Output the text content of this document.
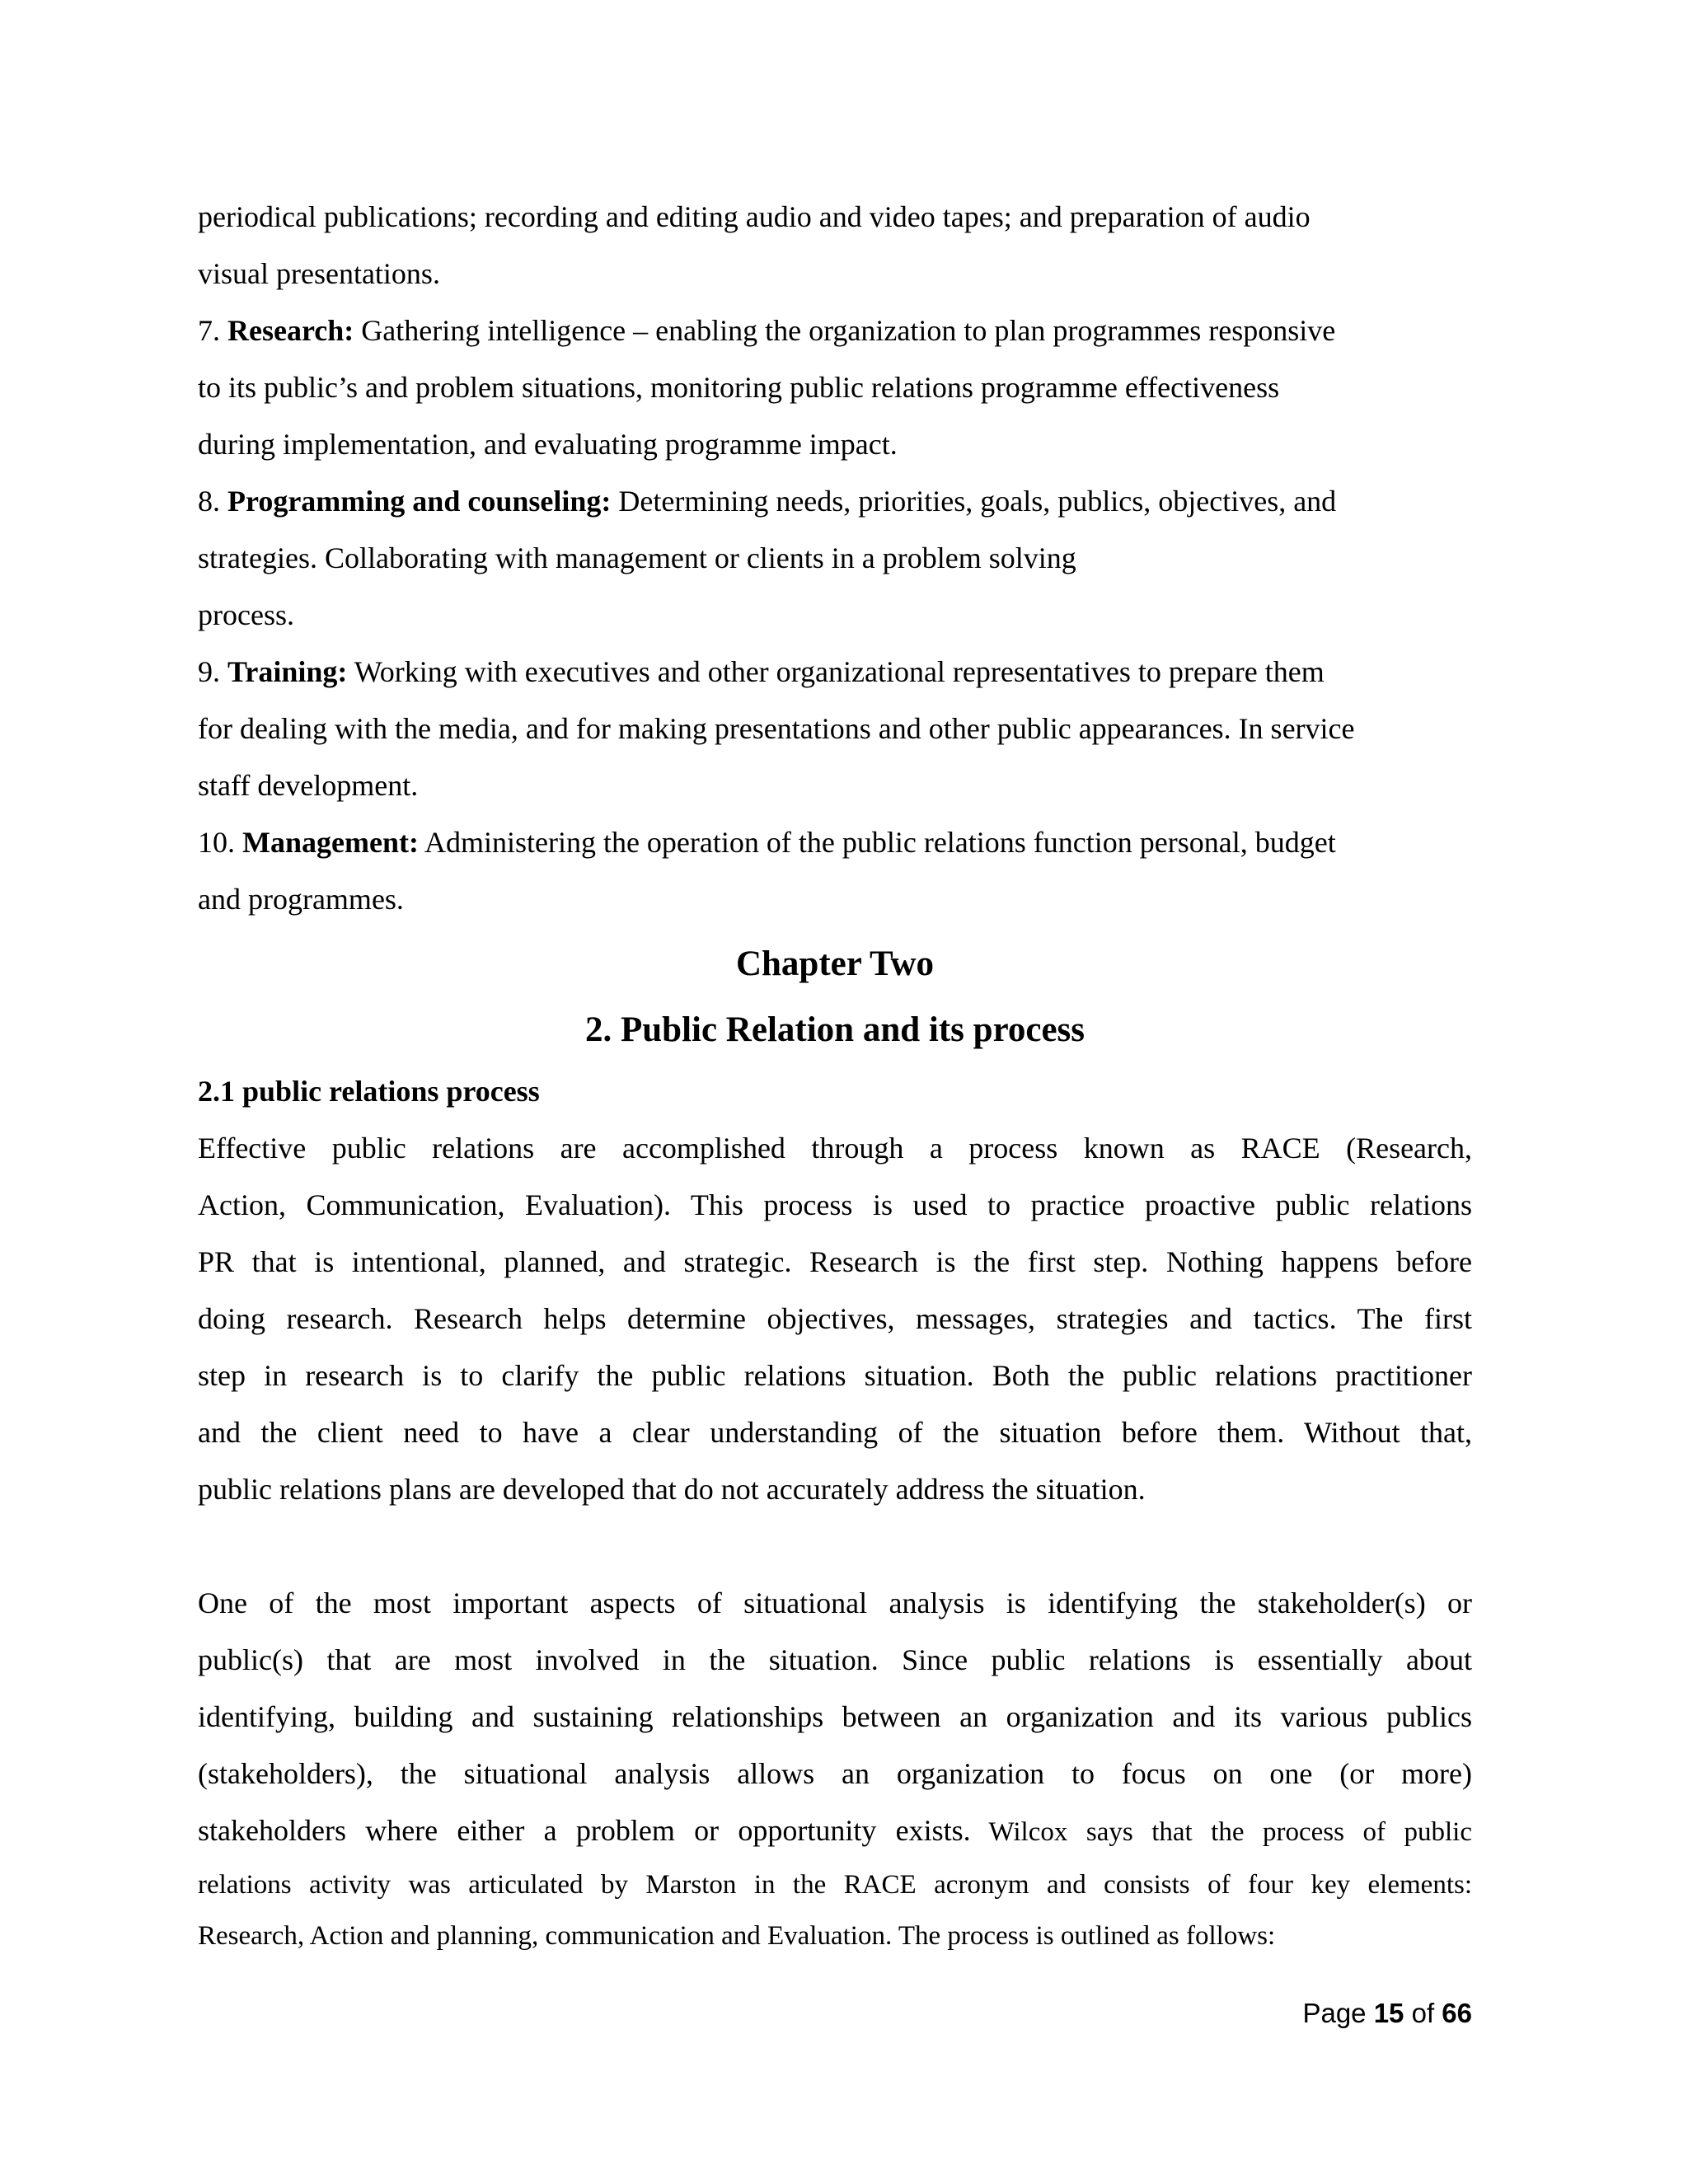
periodical publications; recording and editing audio and video tapes; and preparation of audio
visual presentations.
7. Research: Gathering intelligence – enabling the organization to plan programmes responsive
to its public’s and problem situations, monitoring public relations programme effectiveness
during implementation, and evaluating programme impact.
8. Programming and counseling: Determining needs, priorities, goals, publics, objectives, and
strategies. Collaborating with management or clients in a problem solving
process.
9. Training: Working with executives and other organizational representatives to prepare them
for dealing with the media, and for making presentations and other public appearances. In service
staff development.
10. Management: Administering the operation of the public relations function personal, budget
and programmes.
Chapter Two
2. Public Relation and its process
2.1 public relations process
Effective public relations are accomplished through a process known as RACE (Research,
Action, Communication, Evaluation). This process is used to practice proactive public relations
PR that is intentional, planned, and strategic. Research is the first step. Nothing happens before
doing research. Research helps determine objectives, messages, strategies and tactics. The first
step in research is to clarify the public relations situation. Both the public relations practitioner
and the client need to have a clear understanding of the situation before them. Without that,
public relations plans are developed that do not accurately address the situation.
One of the most important aspects of situational analysis is identifying the stakeholder(s) or
public(s) that are most involved in the situation. Since public relations is essentially about
identifying, building and sustaining relationships between an organization and its various publics
(stakeholders), the situational analysis allows an organization to focus on one (or more)
stakeholders where either a problem or opportunity exists. Wilcox says that the process of public
relations activity was articulated by Marston in the RACE acronym and consists of four key elements:
Research, Action and planning, communication and Evaluation. The process is outlined as follows:
Page 15 of 66
